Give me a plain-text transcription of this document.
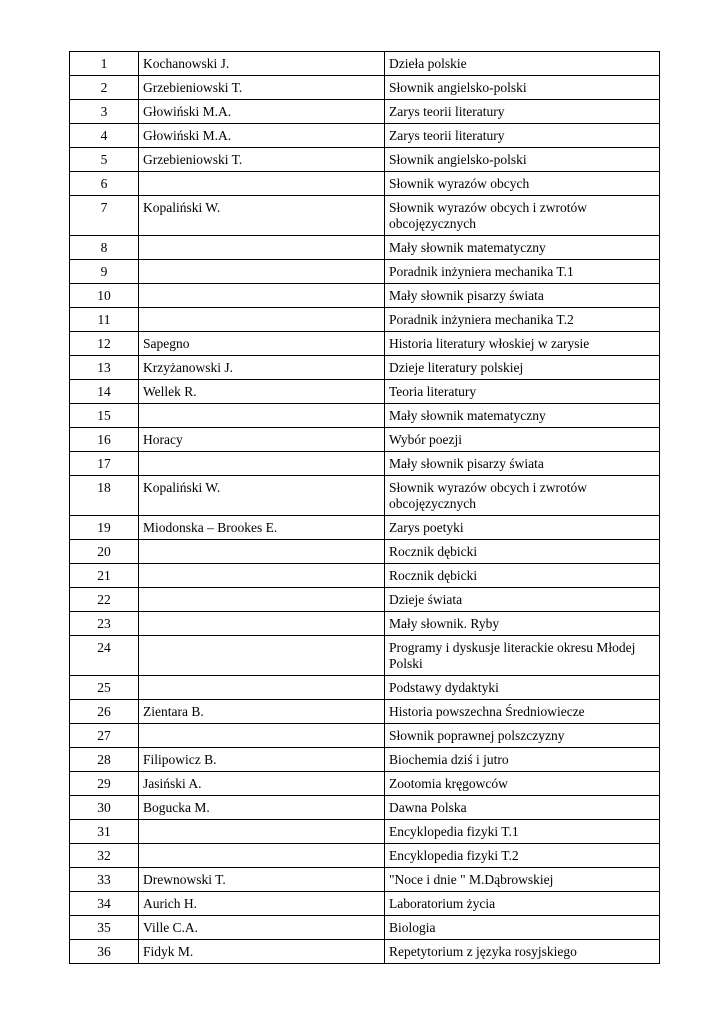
1	Kochanowski J.	Dzieła polskie
2	Grzebieniowski T.	Słownik angielsko-polski
3	Głowiński M.A.	Zarys teorii literatury
4	Głowiński M.A.	Zarys teorii literatury
5	Grzebieniowski T.	Słownik angielsko-polski
6		Słownik wyrazów obcych
7	Kopaliński W.	Słownik wyrazów obcych i zwrotów obcojęzycznych
8		Mały słownik matematyczny
9		Poradnik inżyniera mechanika T.1
10		Mały słownik pisarzy świata
11		Poradnik inżyniera mechanika T.2
12	Sapegno	Historia literatury włoskiej w zarysie
13	Krzyżanowski J.	Dzieje literatury polskiej
14	Wellek R.	Teoria literatury
15		Mały słownik matematyczny
16	Horacy	Wybór poezji
17		Mały słownik pisarzy świata
18	Kopaliński W.	Słownik wyrazów obcych i zwrotów obcojęzycznych
19	Miodonska – Brookes E.	Zarys poetyki
20		Rocznik dębicki
21		Rocznik dębicki
22		Dzieje świata
23		Mały słownik. Ryby
24		Programy i dyskusje literackie okresu Młodej Polski
25		Podstawy dydaktyki
26	Zientara B.	Historia powszechna Średniowiecze
27		Słownik poprawnej polszczyzny
28	Filipowicz B.	Biochemia dziś i jutro
29	Jasiński A.	Zootomia kręgowców
30	Bogucka M.	Dawna Polska
31		Encyklopedia fizyki T.1
32		Encyklopedia fizyki T.2
33	Drewnowski T.	"Noce i dnie " M.Dąbrowskiej
34	Aurich H.	Laboratorium życia
35	Ville C.A.	Biologia
36	Fidyk M.	Repetytorium z języka rosyjskiego
